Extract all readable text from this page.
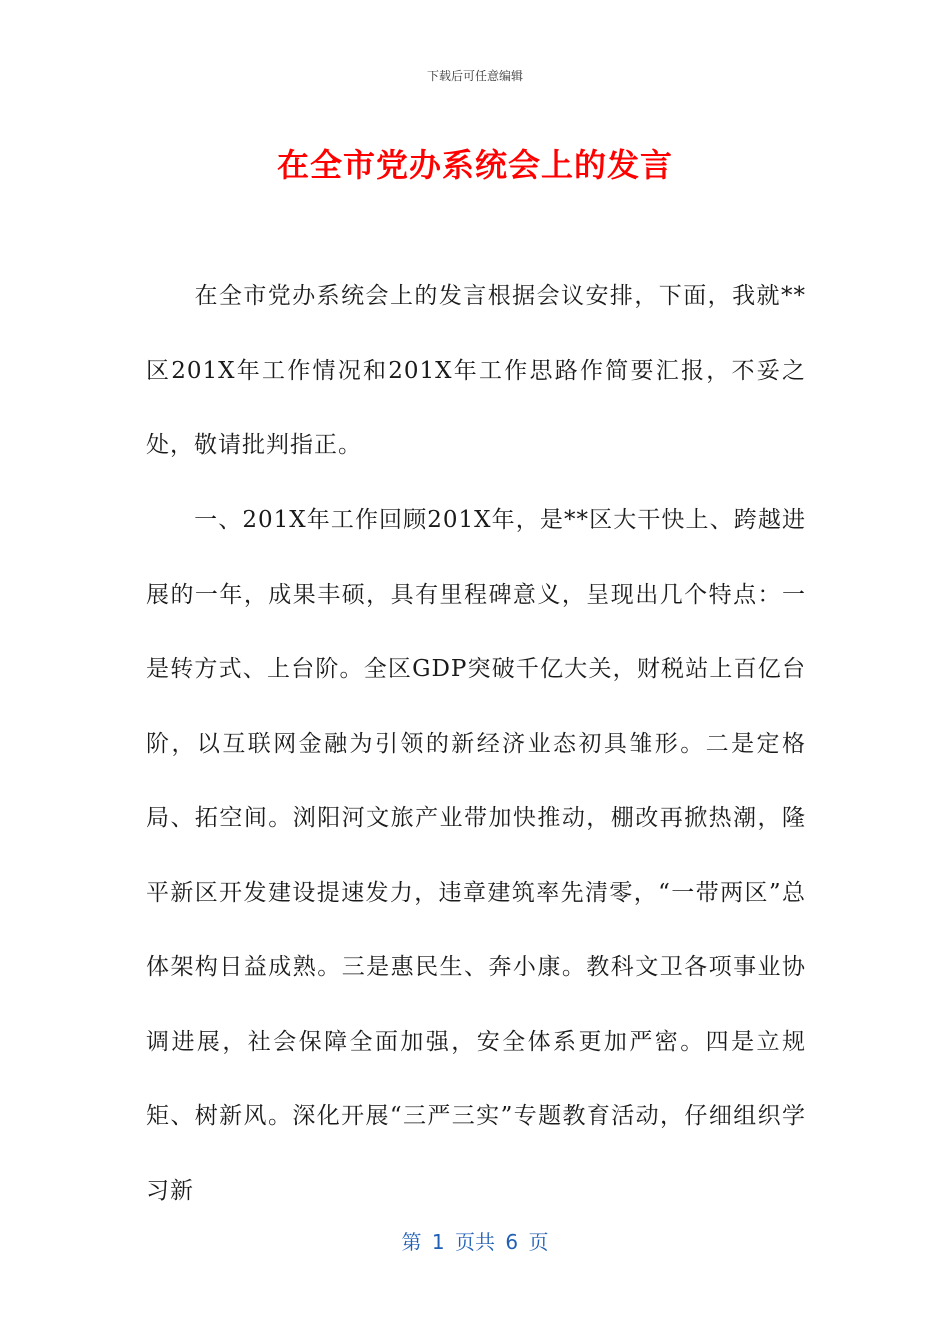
下载后可任意编辑
在全市党办系统会上的发言

在全市党办系统会上的发言根据会议安排，下面，我就**区201X年工作情况和201X年工作思路作简要汇报，不妥之处，敬请批判指正。

一、201X年工作回顾201X年，是**区大干快上、跨越进展的一年，成果丰硕，具有里程碑意义，呈现出几个特点：一是转方式、上台阶。全区GDP突破千亿大关，财税站上百亿台阶，以互联网金融为引领的新经济业态初具雏形。二是定格局、拓空间。浏阳河文旅产业带加快推动，棚改再掀热潮，隆平新区开发建设提速发力，违章建筑率先清零，“一带两区”总体架构日益成熟。三是惠民生、奔小康。教科文卫各项事业协调进展，社会保障全面加强，安全体系更加严密。四是立规矩、树新风。深化开展“三严三实”专题教育活动，仔细组织学习新

第 1 页共 6 页
